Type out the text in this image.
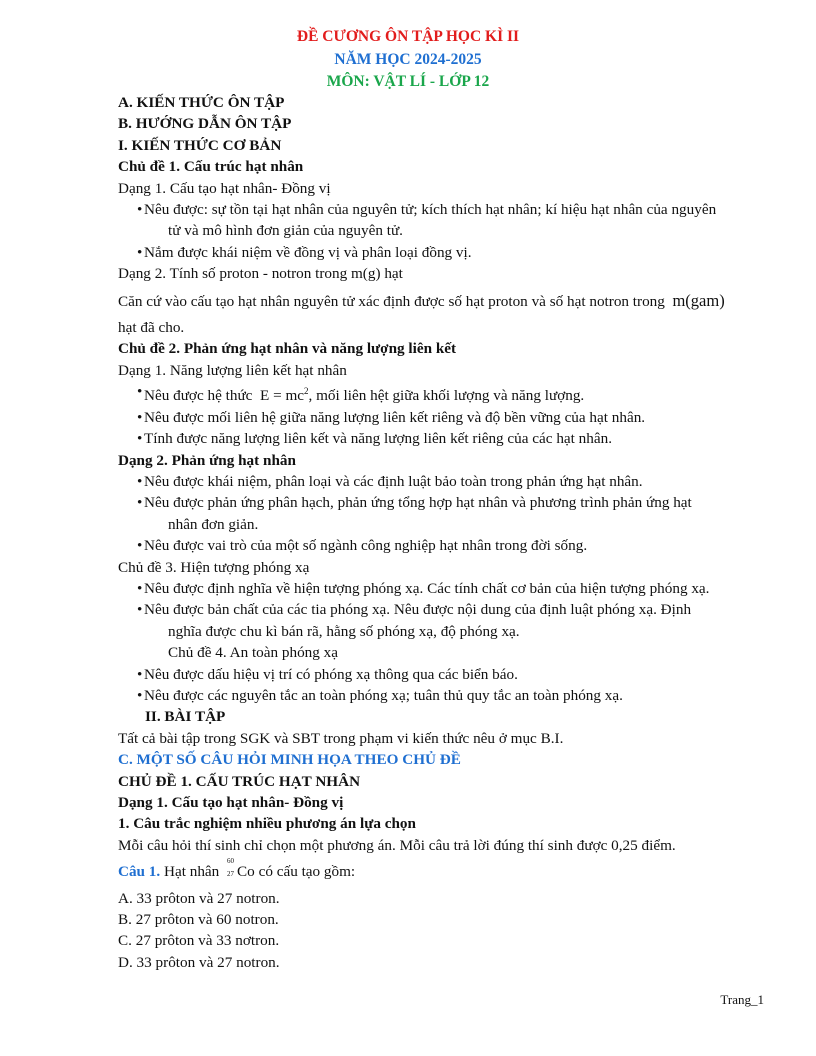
ĐỀ CƯƠNG ÔN TẬP HỌC KÌ II
NĂM HỌC 2024-2025
MÔN: VẬT LÍ - LỚP 12
A. KIẾN THỨC ÔN TẬP
B. HƯỚNG DẪN ÔN TẬP
I. KIẾN THỨC CƠ BẢN
Chủ đề 1. Cấu trúc hạt nhân
Dạng 1. Cấu tạo hạt nhân- Đồng vị
• Nêu được: sự tồn tại hạt nhân của nguyên tử; kích thích hạt nhân; kí hiệu hạt nhân của nguyên
tử và mô hình đơn giản của nguyên tử.
• Nắm được khái niệm về đồng vị và phân loại đồng vị.
Dạng 2. Tính số proton - notron trong m(g) hạt
Căn cứ vào cấu tạo hạt nhân nguyên tử xác định được số hạt proton và số hạt notron trong m(gam)
hạt đã cho.
Chủ đề 2. Phản ứng hạt nhân và năng lượng liên kết
Dạng 1. Năng lượng liên kết hạt nhân
• Nêu được hệ thức $E = mc^2$, mối liên hệt giữa khối lượng và năng lượng.
• Nêu được mối liên hệ giữa năng lượng liên kết riêng và độ bền vững của hạt nhân.
• Tính được năng lượng liên kết và năng lượng liên kết riêng của các hạt nhân.
Dạng 2. Phản ứng hạt nhân
• Nêu được khái niệm, phân loại và các định luật bảo toàn trong phản ứng hạt nhân.
• Nêu được phản ứng phân hạch, phản ứng tổng hợp hạt nhân và phương trình phản ứng hạt
nhân đơn giản.
• Nêu được vai trò của một số ngành công nghiệp hạt nhân trong đời sống.
Chủ đề 3. Hiện tượng phóng xạ
• Nêu được định nghĩa về hiện tượng phóng xạ. Các tính chất cơ bản của hiện tượng phóng xạ.
• Nêu được bản chất của các tia phóng xạ. Nêu được nội dung của định luật phóng xạ. Định
nghĩa được chu kì bán rã, hằng số phóng xạ, độ phóng xạ.
Chủ đề 4. An toàn phóng xạ
• Nêu được dấu hiệu vị trí có phóng xạ thông qua các biển báo.
• Nêu được các nguyên tắc an toàn phóng xạ; tuân thủ quy tắc an toàn phóng xạ.
II. BÀI TẬP
Tất cả bài tập trong SGK và SBT trong phạm vi kiến thức nêu ở mục B.I.
C. MỘT SỐ CÂU HỎI MINH HỌA THEO CHỦ ĐỀ
CHỦ ĐỀ 1. CẤU TRÚC HẠT NHÂN
Dạng 1. Cấu tạo hạt nhân- Đồng vị
1. Câu trắc nghiệm nhiều phương án lựa chọn
Mỗi câu hỏi thí sinh chỉ chọn một phương án. Mỗi câu trả lời đúng thí sinh được 0,25 điểm.
Câu 1. Hạt nhân
60
27 Co có cấu tạo gồm:
A. 33 prôton và 27 notron.
B. 27 prôton và 60 notron.
C. 27 prôton và 33 nơtron.
D. 33 prôton và 27 notron.
Trang_1
